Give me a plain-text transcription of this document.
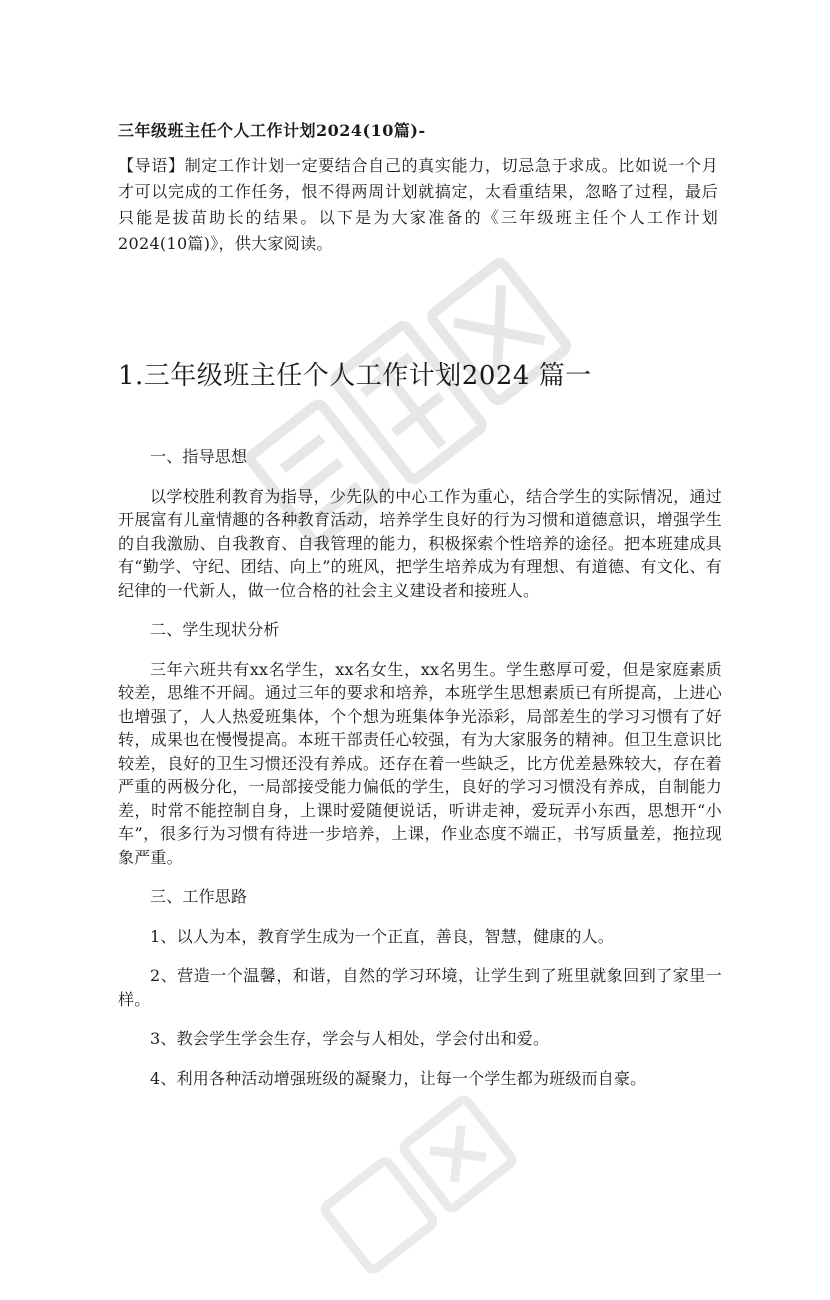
三年级班主任个人工作计划2024(10篇)-
【导语】制定工作计划一定要结合自己的真实能力，切忌急于求成。比如说一个月才可以完成的工作任务，恨不得两周计划就搞定，太看重结果，忽略了过程，最后只能是拔苗助长的结果。以下是为大家准备的《三年级班主任个人工作计划2024(10篇)》，供大家阅读。
1.三年级班主任个人工作计划2024 篇一

一、指导思想

以学校胜利教育为指导，少先队的中心工作为重心，结合学生的实际情况，通过开展富有儿童情趣的各种教育活动，培养学生良好的行为习惯和道德意识，增强学生的自我激励、自我教育、自我管理的能力，积极探索个性培养的途径。把本班建成具有“勤学、守纪、团结、向上”的班风，把学生培养成为有理想、有道德、有文化、有纪律的一代新人，做一位合格的社会主义建设者和接班人。

二、学生现状分析

三年六班共有xx名学生，xx名女生，xx名男生。学生憨厚可爱，但是家庭素质较差，思维不开阔。通过三年的要求和培养，本班学生思想素质已有所提高，上进心也增强了，人人热爱班集体，个个想为班集体争光添彩，局部差生的学习习惯有了好转，成果也在慢慢提高。本班干部责任心较强，有为大家服务的精神。但卫生意识比较差，良好的卫生习惯还没有养成。还存在着一些缺乏，比方优差悬殊较大，存在着严重的两极分化，一局部接受能力偏低的学生，良好的学习习惯没有养成，自制能力差，时常不能控制自身，上课时爱随便说话，听讲走神，爱玩弄小东西，思想开“小车”，很多行为习惯有待进一步培养，上课，作业态度不端正，书写质量差，拖拉现象严重。

三、工作思路

1、以人为本，教育学生成为一个正直，善良，智慧，健康的人。

2、营造一个温馨，和谐，自然的学习环境，让学生到了班里就象回到了家里一样。

3、教会学生学会生存，学会与人相处，学会付出和爱。

4、利用各种活动增强班级的凝聚力，让每一个学生都为班级而自豪。
